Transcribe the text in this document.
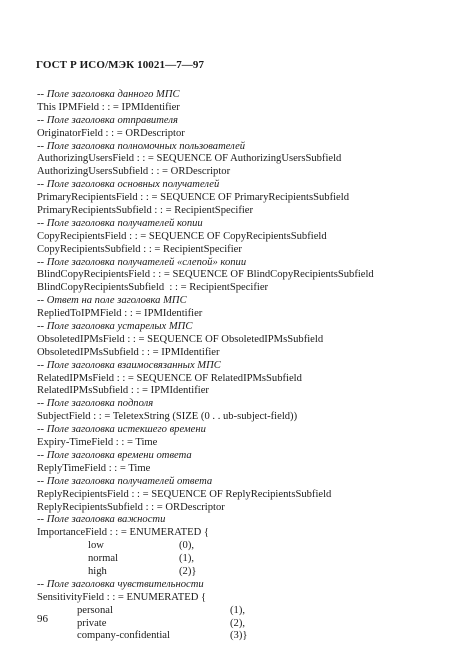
ГОСТ Р ИСО/МЭК 10021—7—97
-- Поле заголовка данного МПС
This IPMField : : = IPMIdentifier
-- Поле заголовка отправителя
OriginatorField : : = ORDescriptor
-- Поле заголовка полномочных пользователей
AuthorizingUsersField : : = SEQUENCE OF AuthorizingUsersSubfield
AuthorizingUsersSubfield : : = ORDescriptor
-- Поле заголовка основных получателей
PrimaryRecipientsField : : = SEQUENCE OF PrimaryRecipientsSubfield
PrimaryRecipientsSubfield : : = RecipientSpecifier
-- Поле заголовка получателей копии
CopyRecipientsField : : = SEQUENCE OF CopyRecipientsSubfield
CopyRecipientsSubfield : : = RecipientSpecifier
-- Поле заголовка получателей «слепой» копии
BlindCopyRecipientsField : : = SEQUENCE OF BlindCopyRecipientsSubfield
BlindCopyRecipientsSubfield  : : = RecipientSpecifier
-- Ответ на поле заголовка МПС
RepliedToIPMField : : = IPMIdentifier
-- Поле заголовка устарелых МПС
ObsoletedIPMsField : : = SEQUENCE OF ObsoletedIPMsSubfield
ObsoletedIPMsSubfield : : = IPMIdentifier
-- Поле заголовка взаимосвязанных МПС
RelatedIPMsField : : = SEQUENCE OF RelatedIPMsSubfield
RelatedIPMsSubfield : : = IPMIdentifier
-- Поле заголовка подполя
SubjectField : : = TeletexString (SIZE (0 . . ub-subject-field))
-- Поле заголовка истекшего времени
Expiry-TimeField : : = Time
-- Поле заголовка времени ответа
ReplyTimeField : : = Time
-- Поле заголовка получателей ответа
ReplyRecipientsField : : = SEQUENCE OF ReplyRecipientsSubfield
ReplyRecipientsSubfield : : = ORDescriptor
-- Поле заголовка важности
ImportanceField : : = ENUMERATED {
low	(0),
normal	(1),
high	(2)}
-- Поле заголовка чувствительности
SensitivityField : : = ENUMERATED {
personal	(1),
private	(2),
company-confidential	(3)}
96
